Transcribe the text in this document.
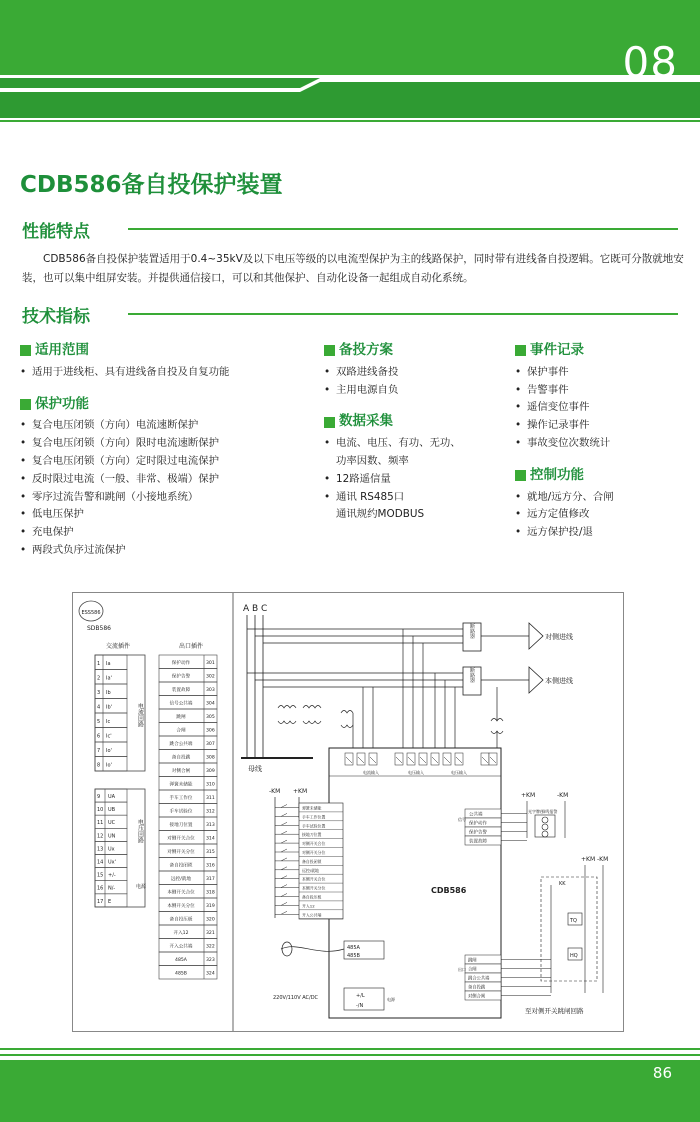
08
CDB586备自投保护装置
性能特点
CDB586备自投保护装置适用于0.4~35kV及以下电压等级的以电流型保护为主的线路保护，同时带有进线备自投逻辑。它既可分散就地安装，也可以集中组屏安装。并提供通信接口，可以和其他保护、自动化设备一起组成自动化系统。
技术指标
适用范围
• 适用于进线柜、具有进线备自投及自复功能
保护功能
• 复合电压闭锁（方向）电流速断保护
• 复合电压闭锁（方向）限时电流速断保护
• 复合电压闭锁（方向）定时限过电流保护
• 反时限过电流（一般、非常、极端）保护
• 零序过流告警和跳闸（小接地系统）
• 低电压保护
• 充电保护
• 两段式负序过流保护
备投方案
• 双路进线备投
• 主用电源自负
数据采集
• 电流、电压、有功、无功、
功率因数、频率
• 12路遥信量
• 通讯 RS485口
通讯规约MODBUS
事件记录
• 保护事件
• 告警事件
• 遥信变位事件
• 操作记录事件
• 事故变位次数统计
控制功能
• 就地/远方分、合闸
• 远方定值修改
• 远方保护投/退
ESS586
SDB586
交流插件	出口插件
1 Ia
2 Ia'
3 Ib
4 Ib'
5 Ic
6 Ic'
7 Io'
8 Io'
电流回路
9 UA
10 UB
11 UC
12 UN
13 Ux
14 Ux'
15 +/-
16 N/-
17 E
电压回路
电源
保护动作	301
保护告警	302
装置故障	303
信号公共端	304
跳闸	305
合闸	306
跳合公共端	307
备自投跳	308
对侧合闸	309
弹簧未储能	310
手车工作位	311
手车试验位	312
接地刀位置	313
对侧开关合位 314
对侧开关分位 315
备自投闭锁	316
远控/就地	317
本侧开关合位 318
本侧开关分位 319
备自投压板	320
开入12	321
开入公共端	322
485A	323
485B	324
A B C
母线
断路器
断路器
对侧进线
本侧进线
电流输入	电压输入	电压输入
CDB586
-KM +KM
弹簧未储能
手车工作位置
手车试验位置
接地刀位置
对侧开关合位
对侧开关分位
备自投闭锁
远控/就地
本侧开关合位
本侧开关分位
备自投压板
开入12
开入公共端
485A
485B
+/L
-/N
电源
220V/110V AC/DC
公共端
保护动作
保护告警
装置故障
信号
+KM	-KM
光字牌/蜂鸣报警
跳闸
合闸
跳合公共端
备自投跳
对侧合闸
出口
+KM -KM
KK
TQ
HQ
至对侧开关跳闸回路
86
